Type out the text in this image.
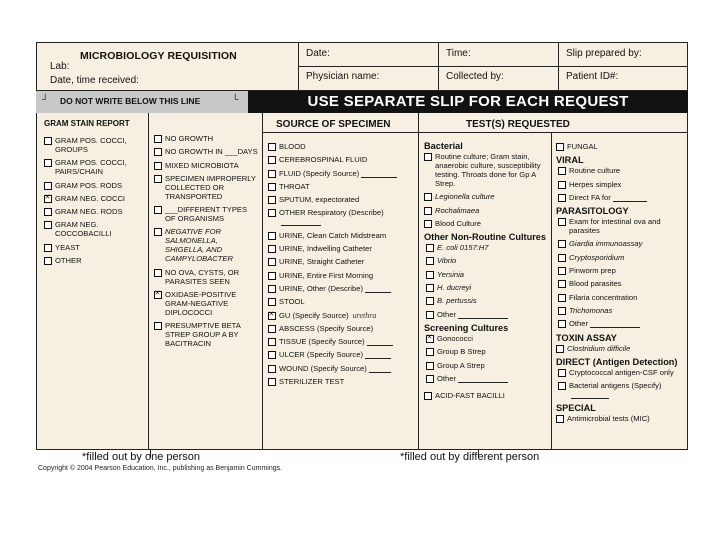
MICROBIOLOGY REQUISITION
Lab:
Date, time received:
Date:	Time:	Slip prepared by:
Physician name:	Collected by:	Patient ID#:
┘ DO NOT WRITE BELOW THIS LINE	└	USE SEPARATE SLIP FOR EACH REQUEST
GRAM STAIN REPORT
GRAM POS. COCCI, GROUPS
GRAM POS. COCCI, PAIRS/CHAIN
GRAM POS. RODS
✕
GRAM NEG. COCCI
GRAM NEG. RODS
GRAM NEG. COCCOBACILLI
YEAST
OTHER
NO GROWTH
NO GROWTH IN ___DAYS
MIXED MICROBIOTA
SPECIMEN IMPROPERLY COLLECTED OR TRANSPORTED
___DIFFERENT TYPES OF ORGANISMS
NEGATIVE FOR SALMONELLA, SHIGELLA, AND CAMPYLOBACTER
NO OVA, CYSTS, OR PARASITES SEEN
✕
OXIDASE-POSITIVE GRAM-NEGATIVE DIPLOCOCCI
PRESUMPTIVE BETA STREP GROUP A BY BACITRACIN
SOURCE OF SPECIMEN
BLOOD
CEREBROSPINAL FLUID
FLUID (Specify Source)
THROAT
SPUTUM, expectorated
OTHER Respiratory (Describe)
URINE, Clean Catch Midstream
URINE, Indwelling Catheter
URINE, Straight Catheter
URINE, Entire First Morning
URINE, Other (Describe)
STOOL
✕
GU (Specify Source) urethra
ABSCESS (Specify Source)
TISSUE (Specify Source)
ULCER (Specify Source)
WOUND (Specify Source)
STERILIZER TEST
TEST(S) REQUESTED
Bacterial
Routine culture; Gram stain, anaerobic culture, susceptibility testing. Throats done for Gp A Strep.
Legionella culture
Rochalimaea
Blood Culture
Other Non-Routine Cultures
E. coli 0157:H7
Vibrio
Yersinia
H. ducreyi
B. pertussis
Other
Screening Cultures
✕
Gonococci
Group B Strep
Group A Strep
Other
ACID-FAST BACILLI
FUNGAL
VIRAL
Routine culture
Herpes simplex
Direct FA for
PARASITOLOGY
Exam for intestinal ova and parasites
Giardia immunoassay
Cryptosporidium
Pinworm prep
Blood parasites
Filaria concentration
Trichomonas
Other
TOXIN ASSAY
Clostridium difficile
DIRECT (Antigen Detection)
Cryptococcal antigen-CSF only
Bacterial antigens (Specify)
SPECIAL
Antimicrobial tests (MIC)
*filled out by one person	*filled out by different person
Copyright © 2004 Pearson Education, Inc., publishing as Benjamin Cummings.
